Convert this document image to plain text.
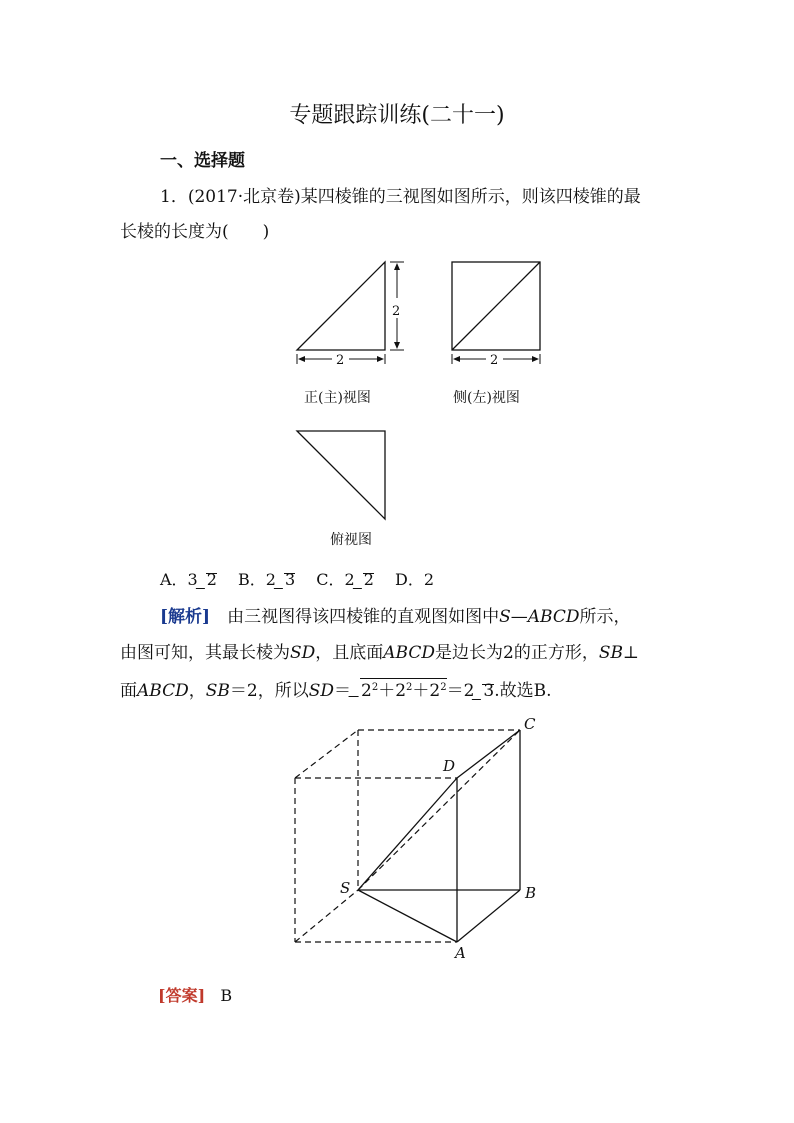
专题跟踪训练(二十一)
一、选择题
1．(2017·北京卷)某四棱锥的三视图如图所示，则该四棱锥的最
长棱的长度为(　　)
2
2	2
S
A
B
C
D
正(主)视图	侧(左)视图
俯视图
A．3 2 B．2 3 C．2 2 D．2
[解析]　由三视图得该四棱锥的直观图如图中S—ABCD所示，
由图可知，其最长棱为SD，且底面ABCD是边长为2的正方形，SB⊥
面ABCD，SB＝2，所以$SD= 2^2+2^2+2^2=2$ 3.故选B.
[答案] B
